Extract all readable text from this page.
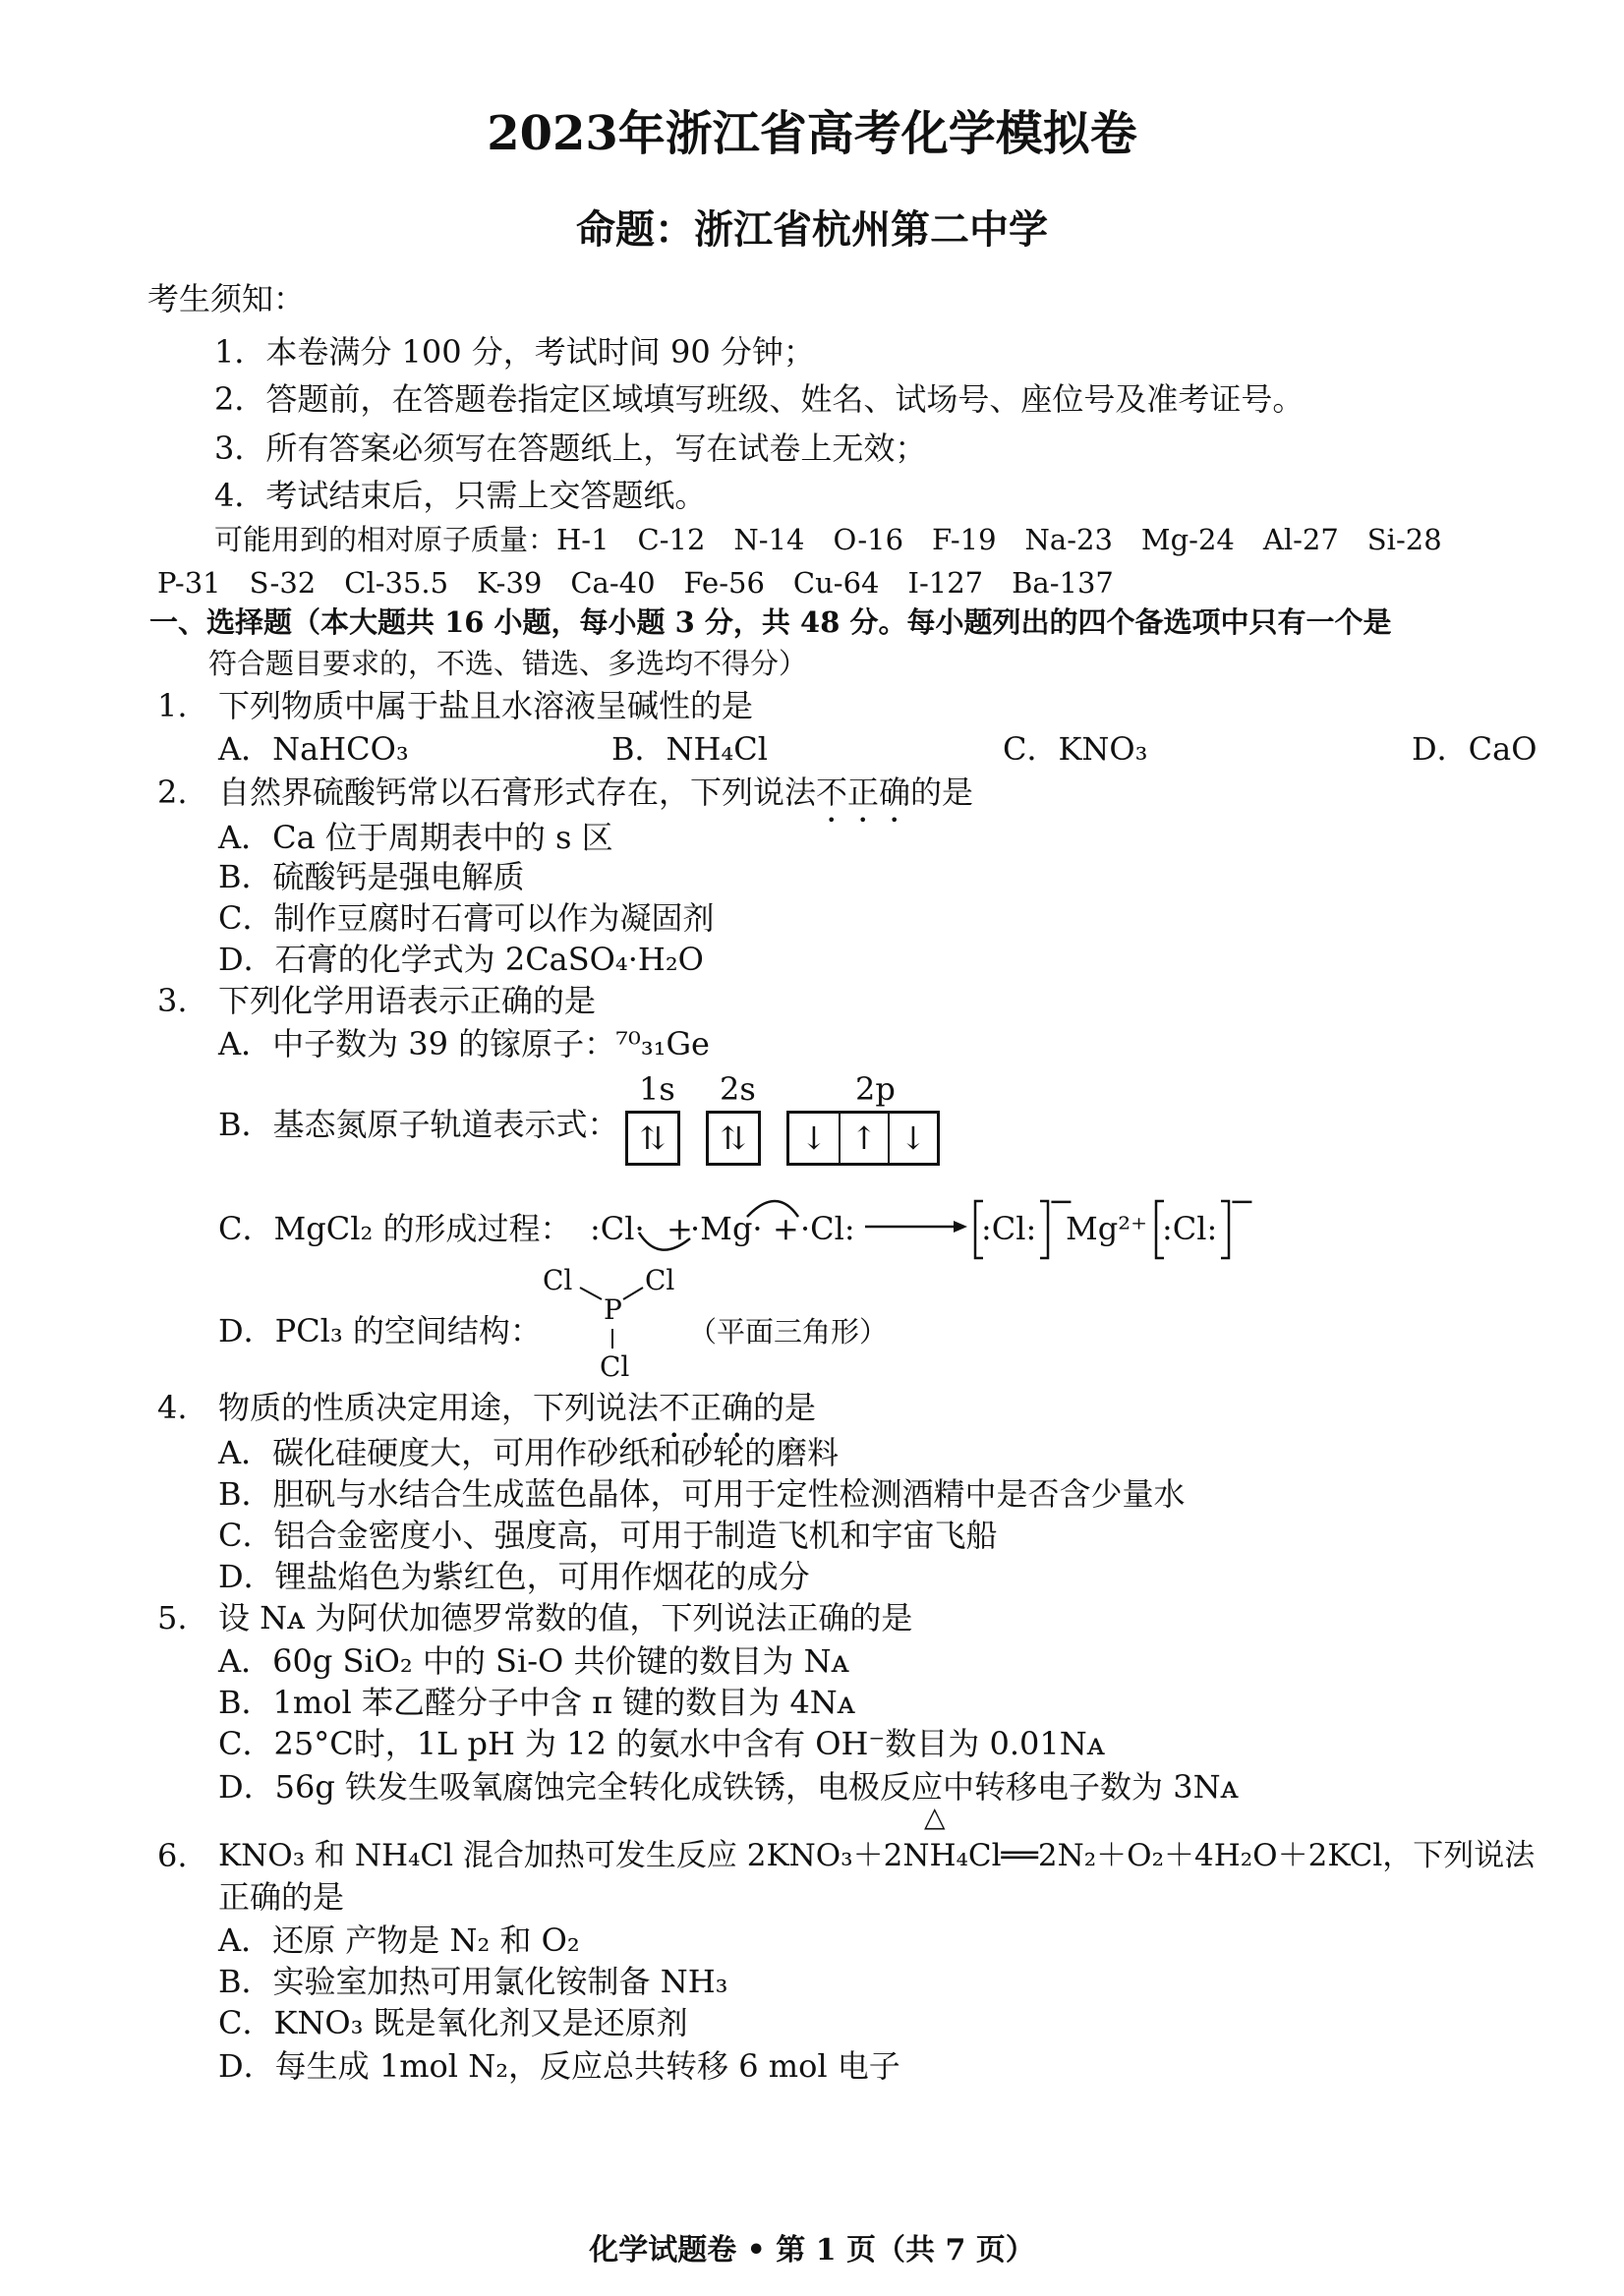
2023年浙江省高考化学模拟卷
命题：浙江省杭州第二中学
考生须知：
1．本卷满分 100 分，考试时间 90 分钟；
2．答题前，在答题卷指定区域填写班级、姓名、试场号、座位号及准考证号。
3．所有答案必须写在答题纸上，写在试卷上无效；
4．考试结束后，只需上交答题纸。
可能用到的相对原子质量：H-1　C-12　N-14　O-16　F-19　Na-23　Mg-24　Al-27　Si-28
P-31　S-32　Cl-35.5　K-39　Ca-40　Fe-56　Cu-64　I-127　Ba-137
一、选择题（本大题共 16 小题，每小题 3 分，共 48 分。每小题列出的四个备选项中只有一个是
符合题目要求的，不选、错选、多选均不得分）
1. 下列物质中属于盐且水溶液呈碱性的是
A．NaHCO₃	B．NH₄Cl	C．KNO₃	D．CaO
2. 自然界硫酸钙常以石膏形式存在，下列说法不正确的是
A．Ca 位于周期表中的 s 区
B．硫酸钙是强电解质
C．制作豆腐时石膏可以作为凝固剂
D．石膏的化学式为 2CaSO₄·H₂O
3. 下列化学用语表示正确的是
A．中子数为 39 的镓原子：⁷⁰₃₁Ge
B．基态氮原子轨道表示式：
1s 2s	2p
⇅	⇅	↓ ↑ ↓
C．MgCl₂ 的形成过程： :Cl· +
·Mg· + ·Cl:	:Cl:
−
Mg²⁺ :Cl:
−
D．PCl₃ 的空间结构：
Cl
P
Cl
Cl
（平面三角形）
4. 物质的性质决定用途，下列说法不正确的是
A．碳化硅硬度大，可用作砂纸和砂轮的磨料
B．胆矾与水结合生成蓝色晶体，可用于定性检测酒精中是否含少量水
C．铝合金密度小、强度高，可用于制造飞机和宇宙飞船
D．锂盐焰色为紫红色，可用作烟花的成分
5. 设 Nᴀ 为阿伏加德罗常数的值，下列说法正确的是
A．60g SiO₂ 中的 Si-O 共价键的数目为 Nᴀ
B．1mol 苯乙醛分子中含 π 键的数目为 4Nᴀ
C．25°C时，1L pH 为 12 的氨水中含有 OH⁻数目为 0.01Nᴀ
D．56g 铁发生吸氧腐蚀完全转化成铁锈，电极反应中转移电子数为 3Nᴀ
6.
△
KNO₃ 和 NH₄Cl 混合加热可发生反应 2KNO₃＋2NH₄Cl══2N₂＋O₂＋4H₂O＋2KCl，下列说法
正确的是
A．还原 产物是 N₂ 和 O₂
B．实验室加热可用氯化铵制备 NH₃
C．KNO₃ 既是氧化剂又是还原剂
D．每生成 1mol N₂，反应总共转移 6 mol 电子
化学试题卷 • 第 1 页（共 7 页）
